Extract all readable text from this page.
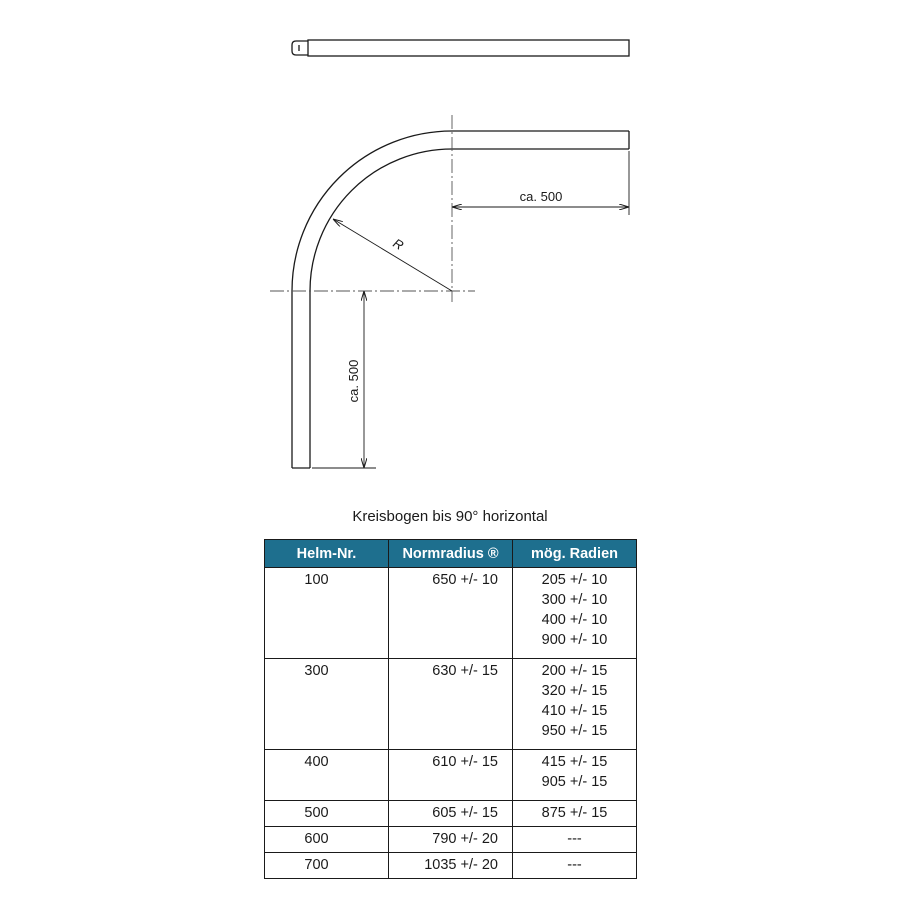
ca. 500
ca. 500
R
Kreisbogen bis 90° horizontal
Helm-Nr.	Normradius ®	mög. Radien
100	650 +/- 10	205 +/- 10
300 +/- 10
400 +/- 10
900 +/- 10

300	630 +/- 15	200 +/- 15
320 +/- 15
410 +/- 15
950 +/- 15

400	610 +/- 15	415 +/- 15
905 +/- 15

500	605 +/- 15	875 +/- 15

600	790 +/- 20	---

700	1035 +/- 20	---
